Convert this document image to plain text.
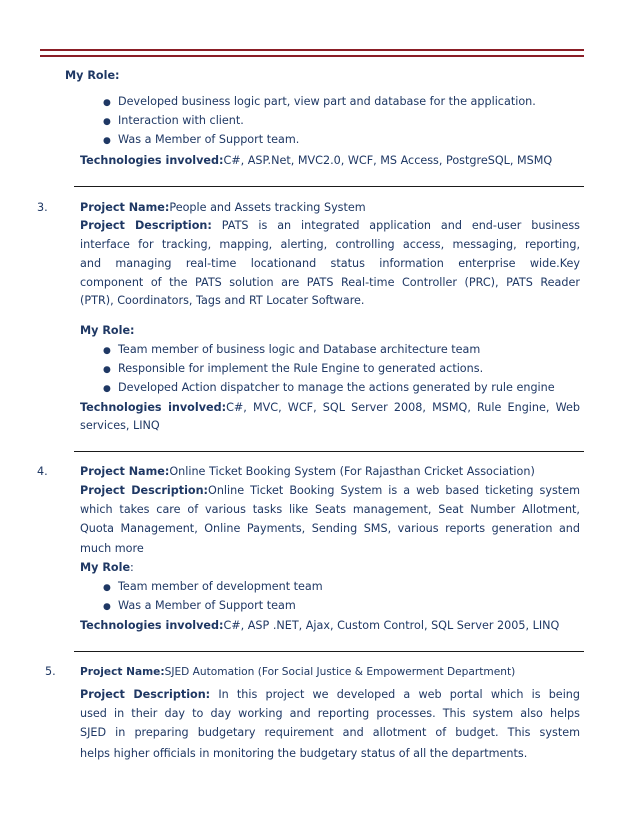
My Role:
● Developed business logic part, view part and database for the application.
● Interaction with client.
● Was a Member of Support team.
Technologies involved:C#, ASP.Net, MVC2.0, WCF, MS Access, PostgreSQL, MSMQ
3.	Project Name:People and Assets tracking System
Project Description: PATS is an integrated application and end-user business
interface for tracking, mapping, alerting, controlling access, messaging, reporting,
and managing real-time locationand status information enterprise wide.Key
component of the PATS solution are PATS Real-time Controller (PRC), PATS Reader
(PTR), Coordinators, Tags and RT Locater Software.
My Role:
● Team member of business logic and Database architecture team
● Responsible for implement the Rule Engine to generated actions.
● Developed Action dispatcher to manage the actions generated by rule engine
Technologies involved:C#, MVC, WCF, SQL Server 2008, MSMQ, Rule Engine, Web
services, LINQ
4.	Project Name:Online Ticket Booking System (For Rajasthan Cricket Association)
Project Description:Online Ticket Booking System is a web based ticketing system
which takes care of various tasks like Seats management, Seat Number Allotment,
Quota Management, Online Payments, Sending SMS, various reports generation and
much more
My Role:
● Team member of development team
● Was a Member of Support team
Technologies involved:C#, ASP .NET, Ajax, Custom Control, SQL Server 2005, LINQ
5. Project Name:SJED Automation (For Social Justice & Empowerment Department)
Project Description: In this project we developed a web portal which is being
used in their day to day working and reporting processes. This system also helps
SJED in preparing budgetary requirement and allotment of budget. This system
helps higher officials in monitoring the budgetary status of all the departments.
